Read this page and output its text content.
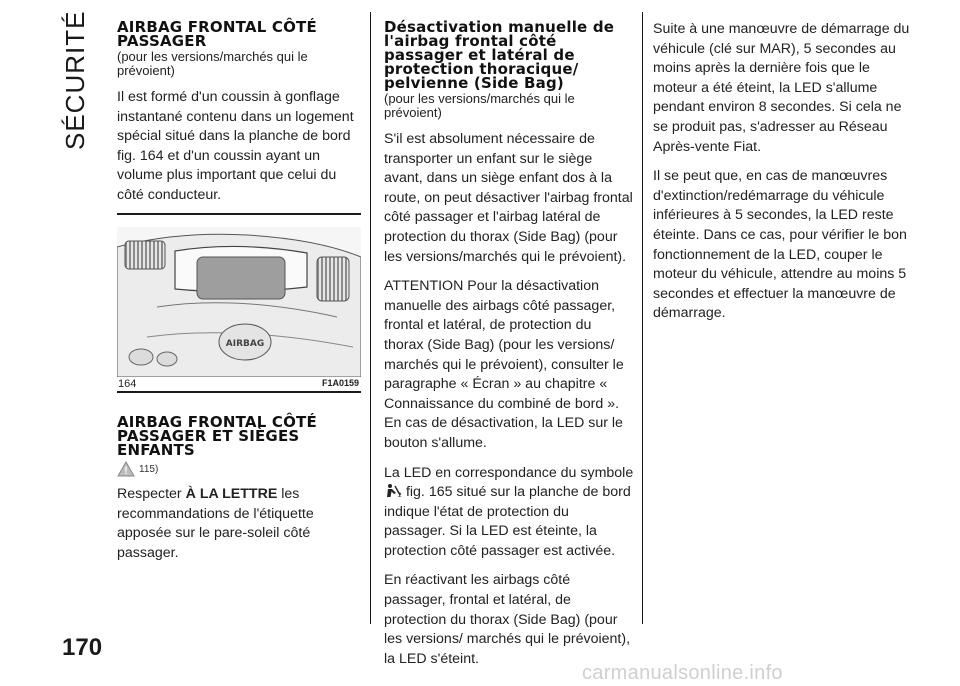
SÉCURITÉ AIRBAG FRONTAL CÔTÉ PASSAGER
(pour les versions/marchés qui le prévoient)

Il est formé d'un coussin à gonflage instantané contenu dans un logement spécial situé dans la planche de bord fig. 164 et d'un coussin ayant un volume plus important que celui du côté conducteur.

AIRBAG
164	F1A0159
AIRBAG FRONTAL CÔTÉ PASSAGER ET SIÈGES ENFANTS
115)

Respecter À LA LETTRE les recommandations de l'étiquette apposée sur le pare-soleil côté passager.

Désactivation manuelle de l'airbag frontal côté passager et latéral de protection thoracique/ pelvienne (Side Bag)
(pour les versions/marchés qui le prévoient)

S'il est absolument nécessaire de transporter un enfant sur le siège avant, dans un siège enfant dos à la route, on peut désactiver l'airbag frontal côté passager et l'airbag latéral de protection du thorax (Side Bag) (pour les versions/marchés qui le prévoient).

ATTENTION Pour la désactivation manuelle des airbags côté passager, frontal et latéral, de protection du thorax (Side Bag) (pour les versions/ marchés qui le prévoient), consulter le paragraphe « Écran » au chapitre « Connaissance du combiné de bord ». En cas de désactivation, la LED sur le bouton s'allume.

La LED en correspondance du symbole
2 fig. 165 situé sur la planche de bord indique l'état de protection du passager. Si la LED est éteinte, la protection côté passager est activée.

En réactivant les airbags côté passager, frontal et latéral, de protection du thorax (Side Bag) (pour les versions/ marchés qui le prévoient), la LED s'éteint.

Suite à une manœuvre de démarrage du véhicule (clé sur MAR), 5 secondes au moins après la dernière fois que le moteur a été éteint, la LED s'allume pendant environ 8 secondes. Si cela ne se produit pas, s'adresser au Réseau Après-vente Fiat.

Il se peut que, en cas de manœuvres d'extinction/redémarrage du véhicule inférieures à 5 secondes, la LED reste éteinte. Dans ce cas, pour vérifier le bon fonctionnement de la LED, couper le moteur du véhicule, attendre au moins 5 secondes et effectuer la manœuvre de démarrage.

170
carmanualsonline.info
